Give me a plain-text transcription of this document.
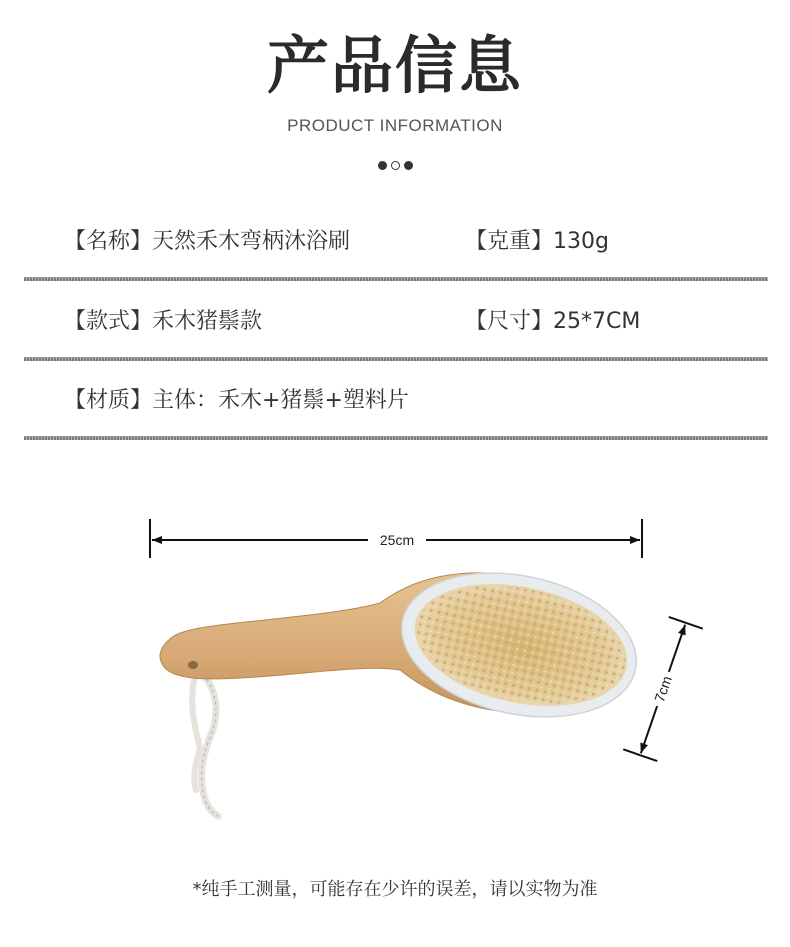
产品信息
PRODUCT INFORMATION
【名称】天然禾木弯柄沐浴刷	【克重】130g
【款式】禾木猪鬃款	【尺寸】25*7CM
【材质】主体：禾木+猪鬃+塑料片
25cm
7cm
*纯手工测量，可能存在少许的误差，请以实物为准
